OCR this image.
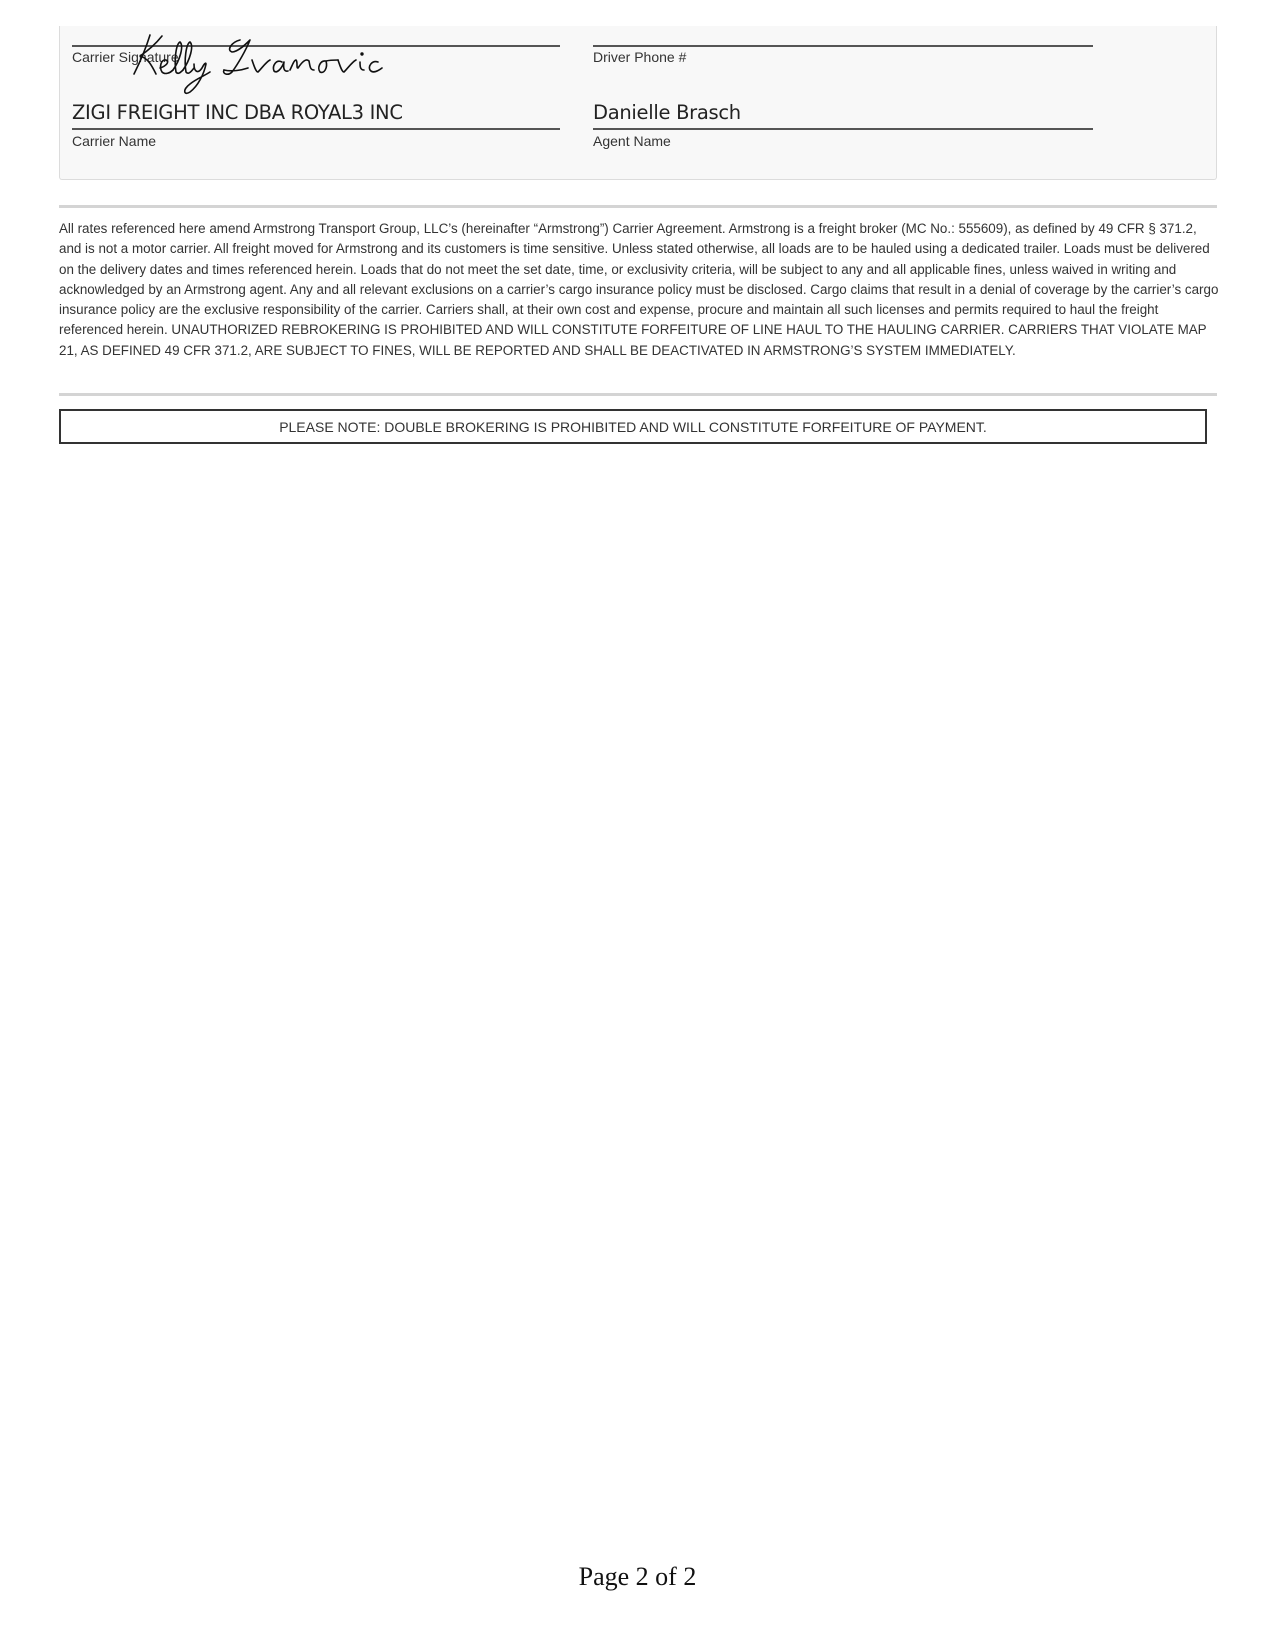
Carrier Signature	Driver Phone #
ZIGI FREIGHT INC DBA ROYAL3 INC
Carrier Name
Danielle Brasch
Agent Name

All rates referenced here amend Armstrong Transport Group, LLC’s (hereinafter “Armstrong”) Carrier Agreement. Armstrong is a freight broker (MC No.: 555609), as defined by 49 CFR § 371.2, and is not a motor carrier. All freight moved for Armstrong and its customers is time sensitive. Unless stated otherwise, all loads are to be hauled using a dedicated trailer. Loads must be delivered on the delivery dates and times referenced herein. Loads that do not meet the set date, time, or exclusivity criteria, will be subject to any and all applicable fines, unless waived in writing and acknowledged by an Armstrong agent. Any and all relevant exclusions on a carrier’s cargo insurance policy must be disclosed. Cargo claims that result in a denial of coverage by the carrier’s cargo insurance policy are the exclusive responsibility of the carrier. Carriers shall, at their own cost and expense, procure and maintain all such licenses and permits required to haul the freight referenced herein. UNAUTHORIZED REBROKERING IS PROHIBITED AND WILL CONSTITUTE FORFEITURE OF LINE HAUL TO THE HAULING CARRIER. CARRIERS THAT VIOLATE MAP 21, AS DEFINED 49 CFR 371.2, ARE SUBJECT TO FINES, WILL BE REPORTED AND SHALL BE DEACTIVATED IN ARMSTRONG’S SYSTEM IMMEDIATELY.

PLEASE NOTE: DOUBLE BROKERING IS PROHIBITED AND WILL CONSTITUTE FORFEITURE OF PAYMENT.
Page 2 of 2
